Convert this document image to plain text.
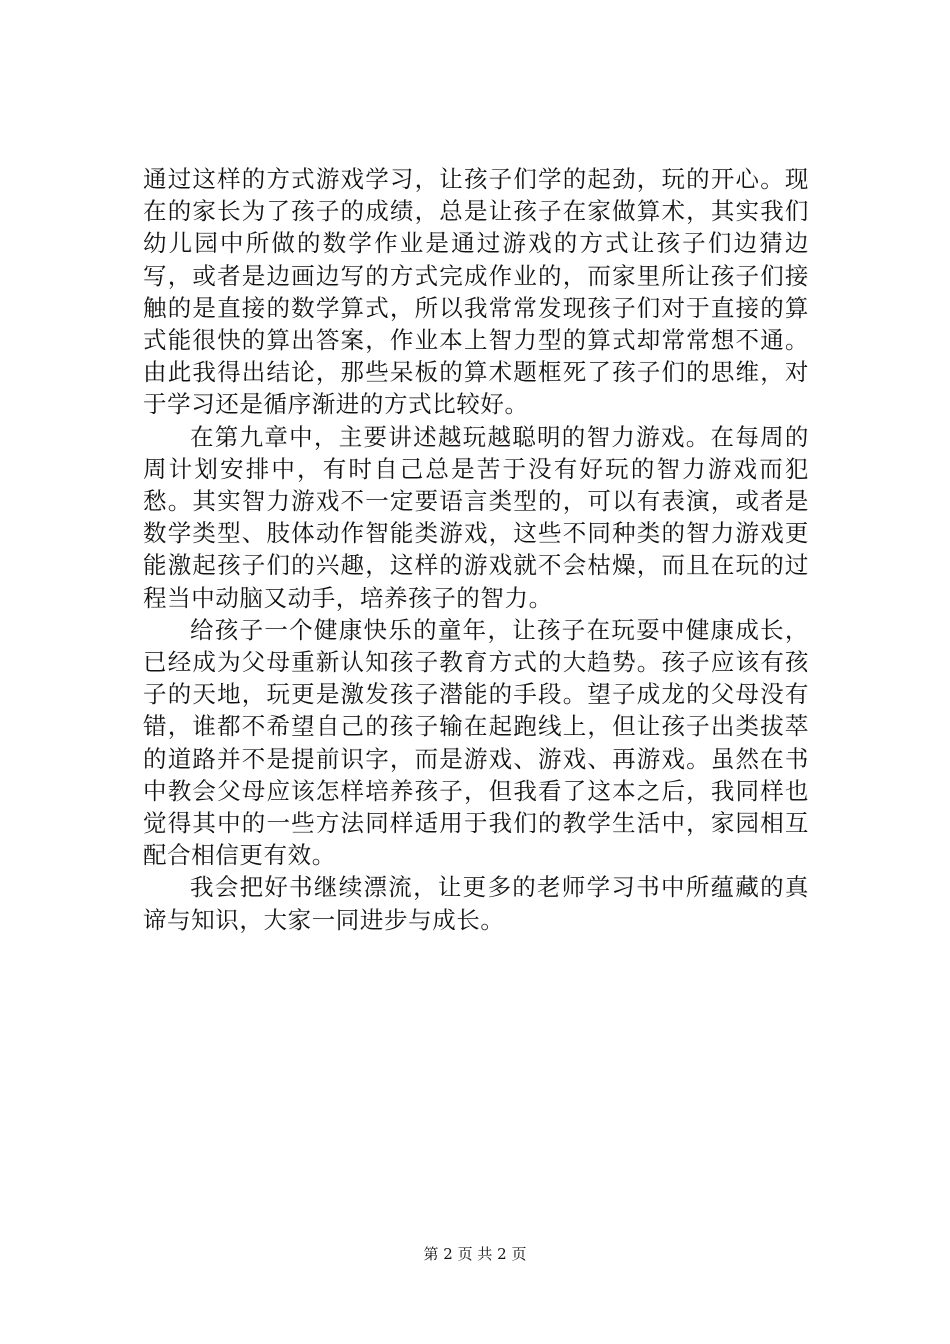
通过这样的方式游戏学习，让孩子们学的起劲，玩的开心。现在的家长为了孩子的成绩，总是让孩子在家做算术，其实我们幼儿园中所做的数学作业是通过游戏的方式让孩子们边猜边写，或者是边画边写的方式完成作业的，而家里所让孩子们接触的是直接的数学算式，所以我常常发现孩子们对于直接的算式能很快的算出答案，作业本上智力型的算式却常常想不通。由此我得出结论，那些呆板的算术题框死了孩子们的思维，对于学习还是循序渐进的方式比较好。

在第九章中，主要讲述越玩越聪明的智力游戏。在每周的周计划安排中，有时自己总是苦于没有好玩的智力游戏而犯愁。其实智力游戏不一定要语言类型的，可以有表演，或者是数学类型、肢体动作智能类游戏，这些不同种类的智力游戏更能激起孩子们的兴趣，这样的游戏就不会枯燥，而且在玩的过程当中动脑又动手，培养孩子的智力。

给孩子一个健康快乐的童年，让孩子在玩耍中健康成长，已经成为父母重新认知孩子教育方式的大趋势。孩子应该有孩子的天地，玩更是激发孩子潜能的手段。望子成龙的父母没有错，谁都不希望自己的孩子输在起跑线上，但让孩子出类拔萃的道路并不是提前识字，而是游戏、游戏、再游戏。虽然在书中教会父母应该怎样培养孩子，但我看了这本之后，我同样也觉得其中的一些方法同样适用于我们的教学生活中，家园相互配合相信更有效。

我会把好书继续漂流，让更多的老师学习书中所蕴藏的真谛与知识，大家一同进步与成长。

第 2 页 共 2 页
